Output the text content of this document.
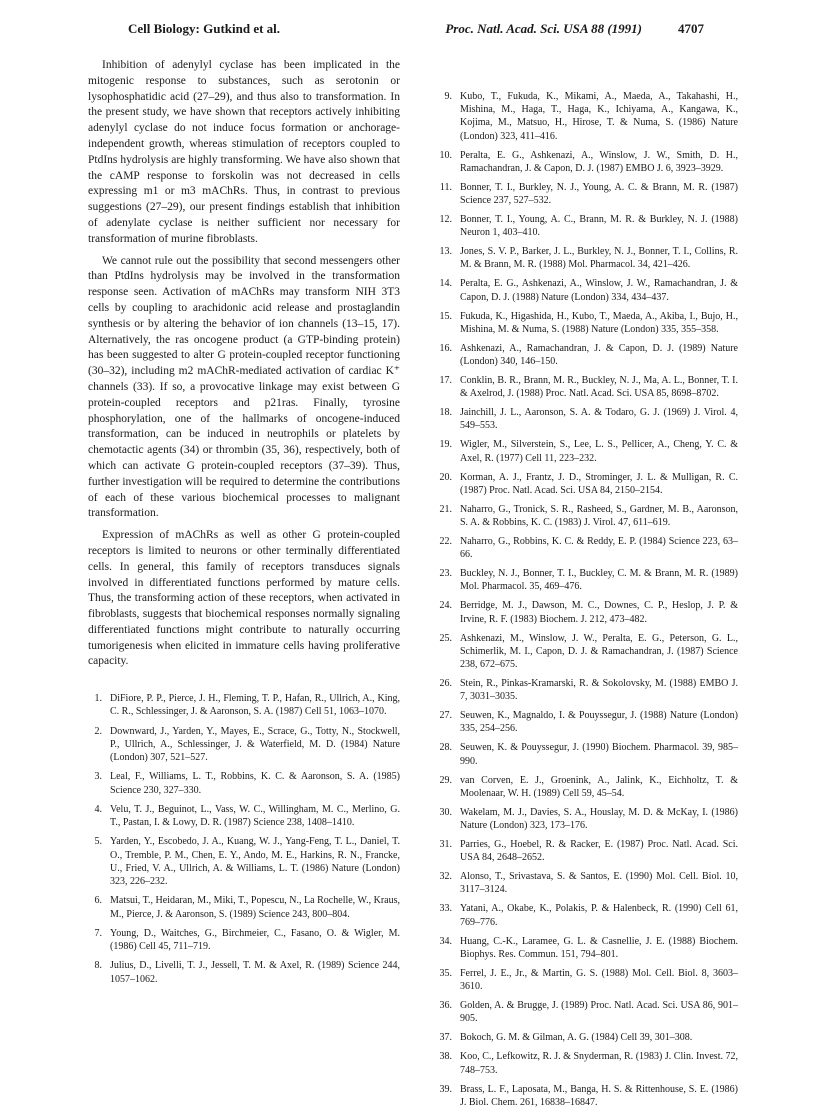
Cell Biology: Gutkind et al.	Proc. Natl. Acad. Sci. USA 88 (1991)	4707

Inhibition of adenylyl cyclase has been implicated in the mitogenic response to substances, such as serotonin or lysophosphatidic acid (27–29), and thus also to transformation. In the present study, we have shown that receptors actively inhibiting adenylyl cyclase do not induce focus formation or anchorage-independent growth, whereas stimulation of receptors coupled to PtdIns hydrolysis are highly transforming. We have also shown that the cAMP response to forskolin was not decreased in cells expressing m1 or m3 mAChRs. Thus, in contrast to previous suggestions (27–29), our present findings establish that inhibition of adenylate cyclase is neither sufficient nor necessary for transformation of murine fibroblasts.

We cannot rule out the possibility that second messengers other than PtdIns hydrolysis may be involved in the transformation response seen. Activation of mAChRs may transform NIH 3T3 cells by coupling to arachidonic acid release and prostaglandin synthesis or by altering the behavior of ion channels (13–15, 17). Alternatively, the ras oncogene product (a GTP-binding protein) has been suggested to alter G protein-coupled receptor functioning (30–32), including m2 mAChR-mediated activation of cardiac K⁺ channels (33). If so, a provocative linkage may exist between G protein-coupled receptors and p21ras. Finally, tyrosine phosphorylation, one of the hallmarks of oncogene-induced transformation, can be induced in neutrophils or platelets by chemotactic agents (34) or thrombin (35, 36), respectively, both of which can activate G protein-coupled receptors (37–39). Thus, further investigation will be required to determine the contributions of each of these various biochemical processes to malignant transformation.

Expression of mAChRs as well as other G protein-coupled receptors is limited to neurons or other terminally differentiated cells. In general, this family of receptors transduces signals involved in differentiated functions performed by mature cells. Thus, the transforming action of these receptors, when activated in fibroblasts, suggests that biochemical responses normally signaling differentiated functions might contribute to naturally occurring tumorigenesis when elicited in immature cells having proliferative capacity.

1. DiFiore, P. P., Pierce, J. H., Fleming, T. P., Hafan, R., Ullrich, A., King, C. R., Schlessinger, J. & Aaronson, S. A. (1987) Cell 51, 1063–1070.
2. Downward, J., Yarden, Y., Mayes, E., Scrace, G., Totty, N., Stockwell, P., Ullrich, A., Schlessinger, J. & Waterfield, M. D. (1984) Nature (London) 307, 521–527.
3. Leal, F., Williams, L. T., Robbins, K. C. & Aaronson, S. A. (1985) Science 230, 327–330.
4. Velu, T. J., Beguinot, L., Vass, W. C., Willingham, M. C., Merlino, G. T., Pastan, I. & Lowy, D. R. (1987) Science 238, 1408–1410.
5. Yarden, Y., Escobedo, J. A., Kuang, W. J., Yang-Feng, T. L., Daniel, T. O., Tremble, P. M., Chen, E. Y., Ando, M. E., Harkins, R. N., Francke, U., Fried, V. A., Ullrich, A. & Williams, L. T. (1986) Nature (London) 323, 226–232.
6. Matsui, T., Heidaran, M., Miki, T., Popescu, N., La Rochelle, W., Kraus, M., Pierce, J. & Aaronson, S. (1989) Science 243, 800–804.
7. Young, D., Waitches, G., Birchmeier, C., Fasano, O. & Wigler, M. (1986) Cell 45, 711–719.
8. Julius, D., Livelli, T. J., Jessell, T. M. & Axel, R. (1989) Science 244, 1057–1062.
9. Kubo, T., Fukuda, K., Mikami, A., Maeda, A., Takahashi, H., Mishina, M., Haga, T., Haga, K., Ichiyama, A., Kangawa, K., Kojima, M., Matsuo, H., Hirose, T. & Numa, S. (1986) Nature (London) 323, 411–416.
10. Peralta, E. G., Ashkenazi, A., Winslow, J. W., Smith, D. H., Ramachandran, J. & Capon, D. J. (1987) EMBO J. 6, 3923–3929.
11. Bonner, T. I., Burkley, N. J., Young, A. C. & Brann, M. R. (1987) Science 237, 527–532.
12. Bonner, T. I., Young, A. C., Brann, M. R. & Burkley, N. J. (1988) Neuron 1, 403–410.
13. Jones, S. V. P., Barker, J. L., Burkley, N. J., Bonner, T. I., Collins, R. M. & Brann, M. R. (1988) Mol. Pharmacol. 34, 421–426.
14. Peralta, E. G., Ashkenazi, A., Winslow, J. W., Ramachandran, J. & Capon, D. J. (1988) Nature (London) 334, 434–437.
15. Fukuda, K., Higashida, H., Kubo, T., Maeda, A., Akiba, I., Bujo, H., Mishina, M. & Numa, S. (1988) Nature (London) 335, 355–358.
16. Ashkenazi, A., Ramachandran, J. & Capon, D. J. (1989) Nature (London) 340, 146–150.
17. Conklin, B. R., Brann, M. R., Buckley, N. J., Ma, A. L., Bonner, T. I. & Axelrod, J. (1988) Proc. Natl. Acad. Sci. USA 85, 8698–8702.
18. Jainchill, J. L., Aaronson, S. A. & Todaro, G. J. (1969) J. Virol. 4, 549–553.
19. Wigler, M., Silverstein, S., Lee, L. S., Pellicer, A., Cheng, Y. C. & Axel, R. (1977) Cell 11, 223–232.
20. Korman, A. J., Frantz, J. D., Strominger, J. L. & Mulligan, R. C. (1987) Proc. Natl. Acad. Sci. USA 84, 2150–2154.
21. Naharro, G., Tronick, S. R., Rasheed, S., Gardner, M. B., Aaronson, S. A. & Robbins, K. C. (1983) J. Virol. 47, 611–619.
22. Naharro, G., Robbins, K. C. & Reddy, E. P. (1984) Science 223, 63–66.
23. Buckley, N. J., Bonner, T. I., Buckley, C. M. & Brann, M. R. (1989) Mol. Pharmacol. 35, 469–476.
24. Berridge, M. J., Dawson, M. C., Downes, C. P., Heslop, J. P. & Irvine, R. F. (1983) Biochem. J. 212, 473–482.
25. Ashkenazi, M., Winslow, J. W., Peralta, E. G., Peterson, G. L., Schimerlik, M. I., Capon, D. J. & Ramachandran, J. (1987) Science 238, 672–675.
26. Stein, R., Pinkas-Kramarski, R. & Sokolovsky, M. (1988) EMBO J. 7, 3031–3035.
27. Seuwen, K., Magnaldo, I. & Pouyssegur, J. (1988) Nature (London) 335, 254–256.
28. Seuwen, K. & Pouyssegur, J. (1990) Biochem. Pharmacol. 39, 985–990.
29. van Corven, E. J., Groenink, A., Jalink, K., Eichholtz, T. & Moolenaar, W. H. (1989) Cell 59, 45–54.
30. Wakelam, M. J., Davies, S. A., Houslay, M. D. & McKay, I. (1986) Nature (London) 323, 173–176.
31. Parries, G., Hoebel, R. & Racker, E. (1987) Proc. Natl. Acad. Sci. USA 84, 2648–2652.
32. Alonso, T., Srivastava, S. & Santos, E. (1990) Mol. Cell. Biol. 10, 3117–3124.
33. Yatani, A., Okabe, K., Polakis, P. & Halenbeck, R. (1990) Cell 61, 769–776.
34. Huang, C.-K., Laramee, G. L. & Casnellie, J. E. (1988) Biochem. Biophys. Res. Commun. 151, 794–801.
35. Ferrel, J. E., Jr., & Martin, G. S. (1988) Mol. Cell. Biol. 8, 3603–3610.
36. Golden, A. & Brugge, J. (1989) Proc. Natl. Acad. Sci. USA 86, 901–905.
37. Bokoch, G. M. & Gilman, A. G. (1984) Cell 39, 301–308.
38. Koo, C., Lefkowitz, R. J. & Snyderman, R. (1983) J. Clin. Invest. 72, 748–753.
39. Brass, L. F., Laposata, M., Banga, H. S. & Rittenhouse, S. E. (1986) J. Biol. Chem. 261, 16838–16847.
